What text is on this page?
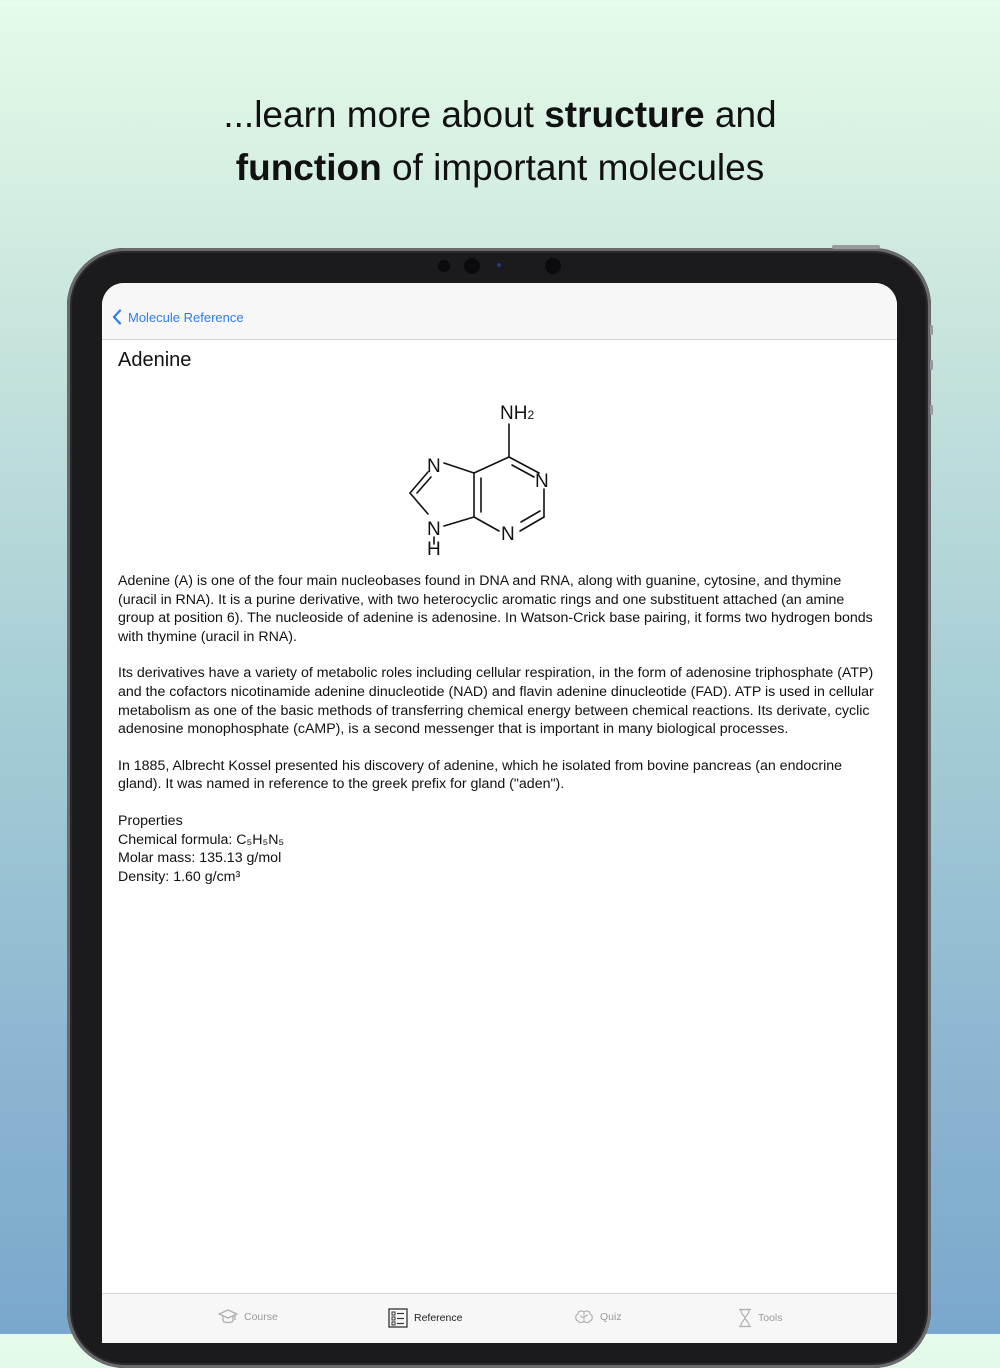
...learn more about structure and
function of important molecules
Molecule Reference
Adenine
NH2
N
N
N
N
H

Adenine (A) is one of the four main nucleobases found in DNA and RNA, along with guanine, cytosine, and thymine (uracil in RNA). It is a purine derivative, with two heterocyclic aromatic rings and one substituent attached (an amine group at position 6). The nucleoside of adenine is adenosine. In Watson-Crick base pairing, it forms two hydrogen bonds with thymine (uracil in RNA).

Its derivatives have a variety of metabolic roles including cellular respiration, in the form of adenosine triphosphate (ATP) and the cofactors nicotinamide adenine dinucleotide (NAD) and flavin adenine dinucleotide (FAD). ATP is used in cellular metabolism as one of the basic methods of transferring chemical energy between chemical reactions. Its derivate, cyclic adenosine monophosphate (cAMP), is a second messenger that is important in many biological processes.

In 1885, Albrecht Kossel presented his discovery of adenine, which he isolated from bovine pancreas (an endocrine gland). It was named in reference to the greek prefix for gland ("aden").

Properties
Chemical formula: C₅H₅N₅
Molar mass: 135.13 g/mol
Density: 1.60 g/cm³
Course	Reference	Quiz	Tools
